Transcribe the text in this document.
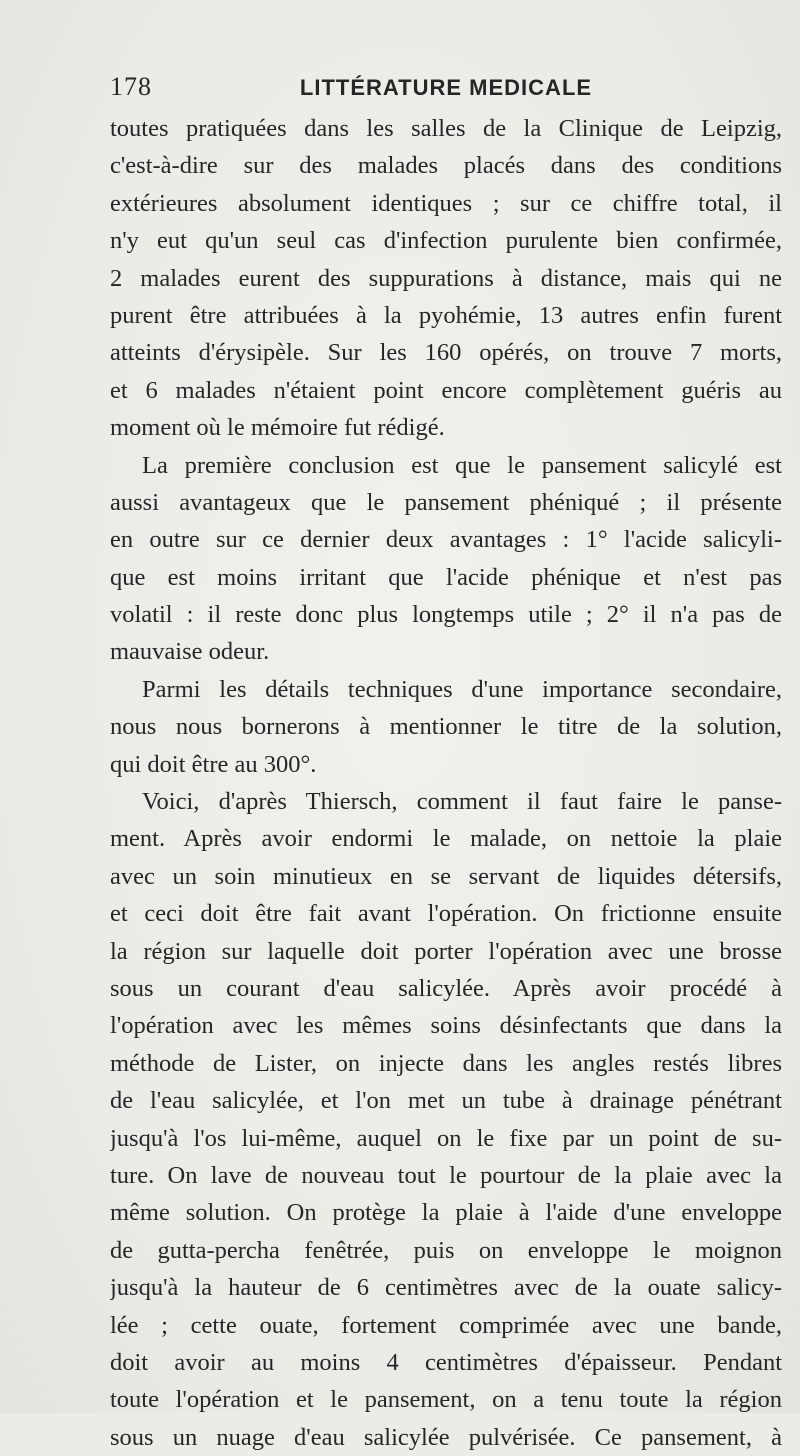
178	LITTÉRATURE MEDICALE
toutes pratiquées dans les salles de la Clinique de Leipzig,
c'est-à-dire sur des malades placés dans des conditions
extérieures absolument identiques ; sur ce chiffre total, il
n'y eut qu'un seul cas d'infection purulente bien confirmée,
2 malades eurent des suppurations à distance, mais qui ne
purent être attribuées à la pyohémie, 13 autres enfin furent
atteints d'érysipèle. Sur les 160 opérés, on trouve 7 morts,
et 6 malades n'étaient point encore complètement guéris au
moment où le mémoire fut rédigé.
La première conclusion est que le pansement salicylé est
aussi avantageux que le pansement phéniqué ; il présente
en outre sur ce dernier deux avantages : 1° l'acide salicyli-
que est moins irritant que l'acide phénique et n'est pas
volatil : il reste donc plus longtemps utile ; 2° il n'a pas de
mauvaise odeur.
Parmi les détails techniques d'une importance secondaire,
nous nous bornerons à mentionner le titre de la solution,
qui doit être au 300°.
Voici, d'après Thiersch, comment il faut faire le panse-
ment. Après avoir endormi le malade, on nettoie la plaie
avec un soin minutieux en se servant de liquides détersifs,
et ceci doit être fait avant l'opération. On frictionne ensuite
la région sur laquelle doit porter l'opération avec une brosse
sous un courant d'eau salicylée. Après avoir procédé à
l'opération avec les mêmes soins désinfectants que dans la
méthode de Lister, on injecte dans les angles restés libres
de l'eau salicylée, et l'on met un tube à drainage pénétrant
jusqu'à l'os lui-même, auquel on le fixe par un point de su-
ture. On lave de nouveau tout le pourtour de la plaie avec la
même solution. On protège la plaie à l'aide d'une enveloppe
de gutta-percha fenêtrée, puis on enveloppe le moignon
jusqu'à la hauteur de 6 centimètres avec de la ouate salicy-
lée ; cette ouate, fortement comprimée avec une bande,
doit avoir au moins 4 centimètres d'épaisseur. Pendant
toute l'opération et le pansement, on a tenu toute la région
sous un nuage d'eau salicylée pulvérisée. Ce pansement, à
